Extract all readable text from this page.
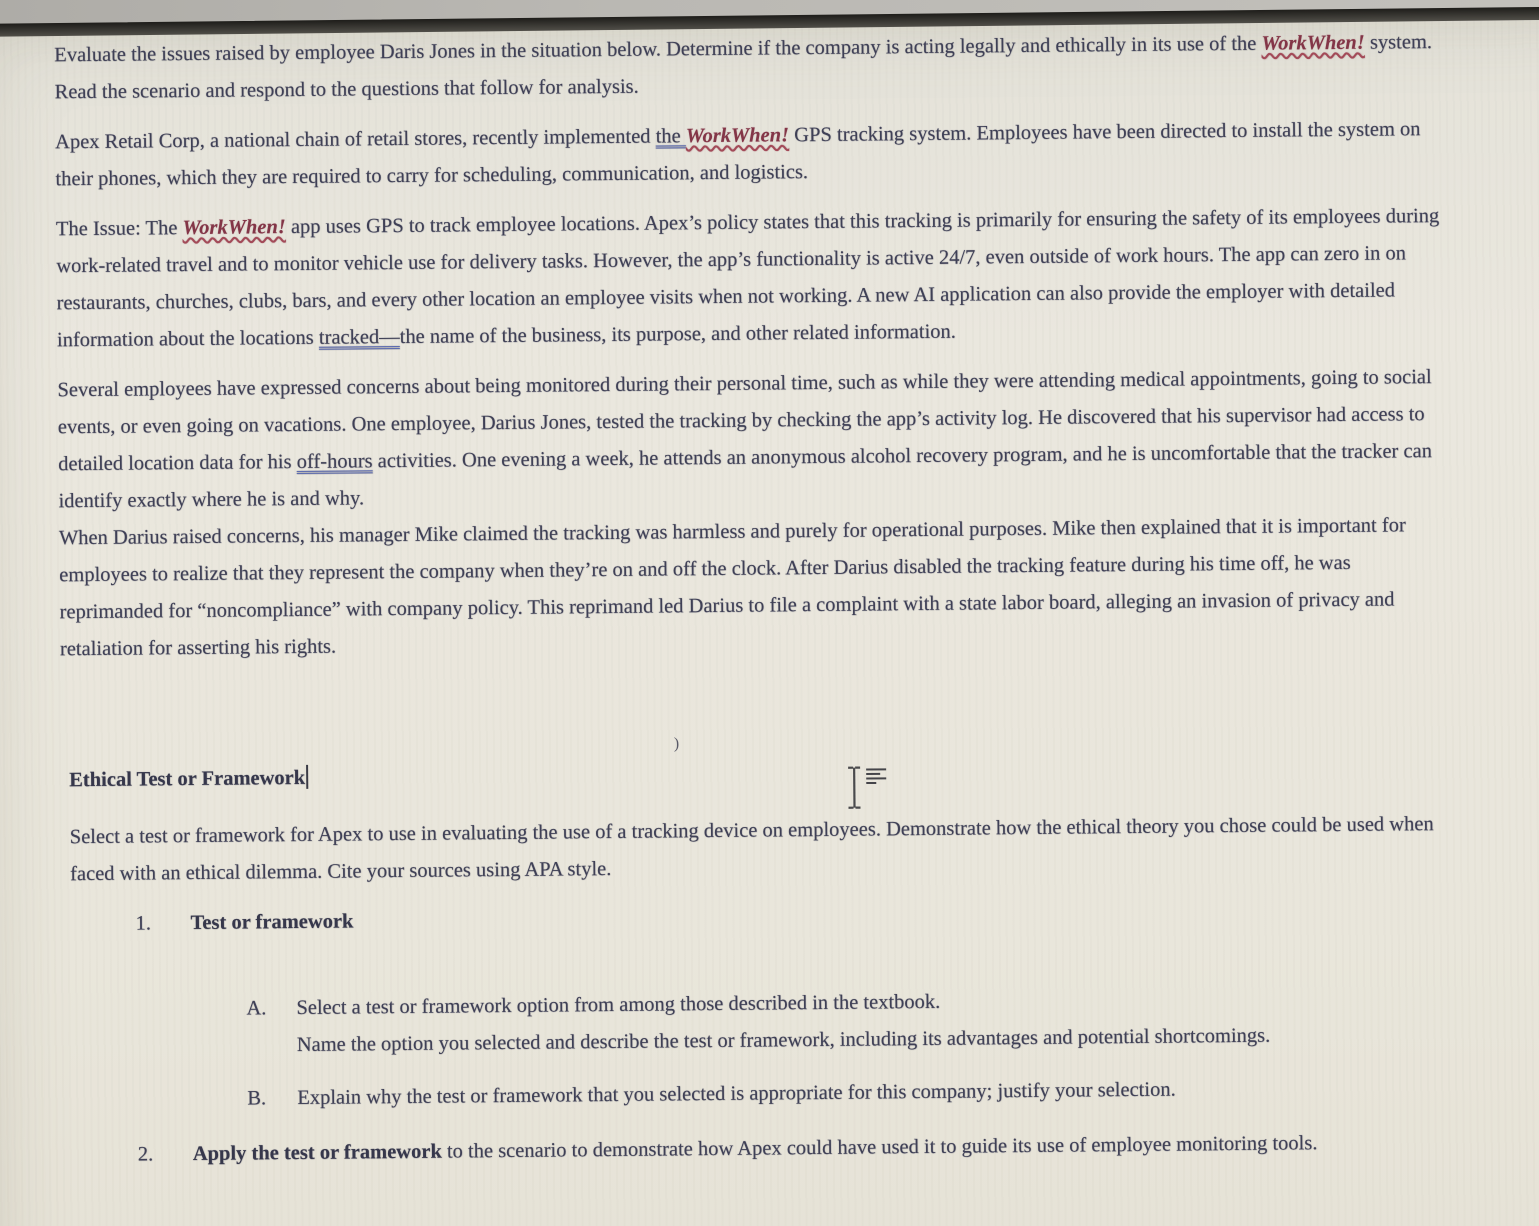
)
Evaluate the issues raised by employee Daris Jones in the situation below. Determine if the company is acting legally and ethically in its use of the WorkWhen! system. Read the scenario and respond to the questions that follow for analysis.
Apex Retail Corp, a national chain of retail stores, recently implemented the WorkWhen! GPS tracking system. Employees have been directed to install the system on their phones, which they are required to carry for scheduling, communication, and logistics.
The Issue: The WorkWhen! app uses GPS to track employee locations. Apex’s policy states that this tracking is primarily for ensuring the safety of its employees during work-related travel and to monitor vehicle use for delivery tasks. However, the app’s functionality is active 24/7, even outside of work hours. The app can zero in on restaurants, churches, clubs, bars, and every other location an employee visits when not working. A new AI application can also provide the employer with detailed information about the locations tracked—the name of the business, its purpose, and other related information.
Several employees have expressed concerns about being monitored during their personal time, such as while they were attending medical appointments, going to social events, or even going on vacations. One employee, Darius Jones, tested the tracking by checking the app’s activity log. He discovered that his supervisor had access to detailed location data for his off-hours activities. One evening a week, he attends an anonymous alcohol recovery program, and he is uncomfortable that the tracker can identify exactly where he is and why.
When Darius raised concerns, his manager Mike claimed the tracking was harmless and purely for operational purposes. Mike then explained that it is important for employees to realize that they represent the company when they’re on and off the clock. After Darius disabled the tracking feature during his time off, he was reprimanded for “noncompliance” with company policy. This reprimand led Darius to file a complaint with a state labor board, alleging an invasion of privacy and retaliation for asserting his rights.
Ethical Test or Framework
Select a test or framework for Apex to use in evaluating the use of a tracking device on employees. Demonstrate how the ethical theory you chose could be used when faced with an ethical dilemma. Cite your sources using APA style.
1.	Test or framework
A.	Select a test or framework option from among those described in the textbook.
Name the option you selected and describe the test or framework, including its advantages and potential shortcomings.
B.	Explain why the test or framework that you selected is appropriate for this company; justify your selection.
2.	Apply the test or framework to the scenario to demonstrate how Apex could have used it to guide its use of employee monitoring tools.
